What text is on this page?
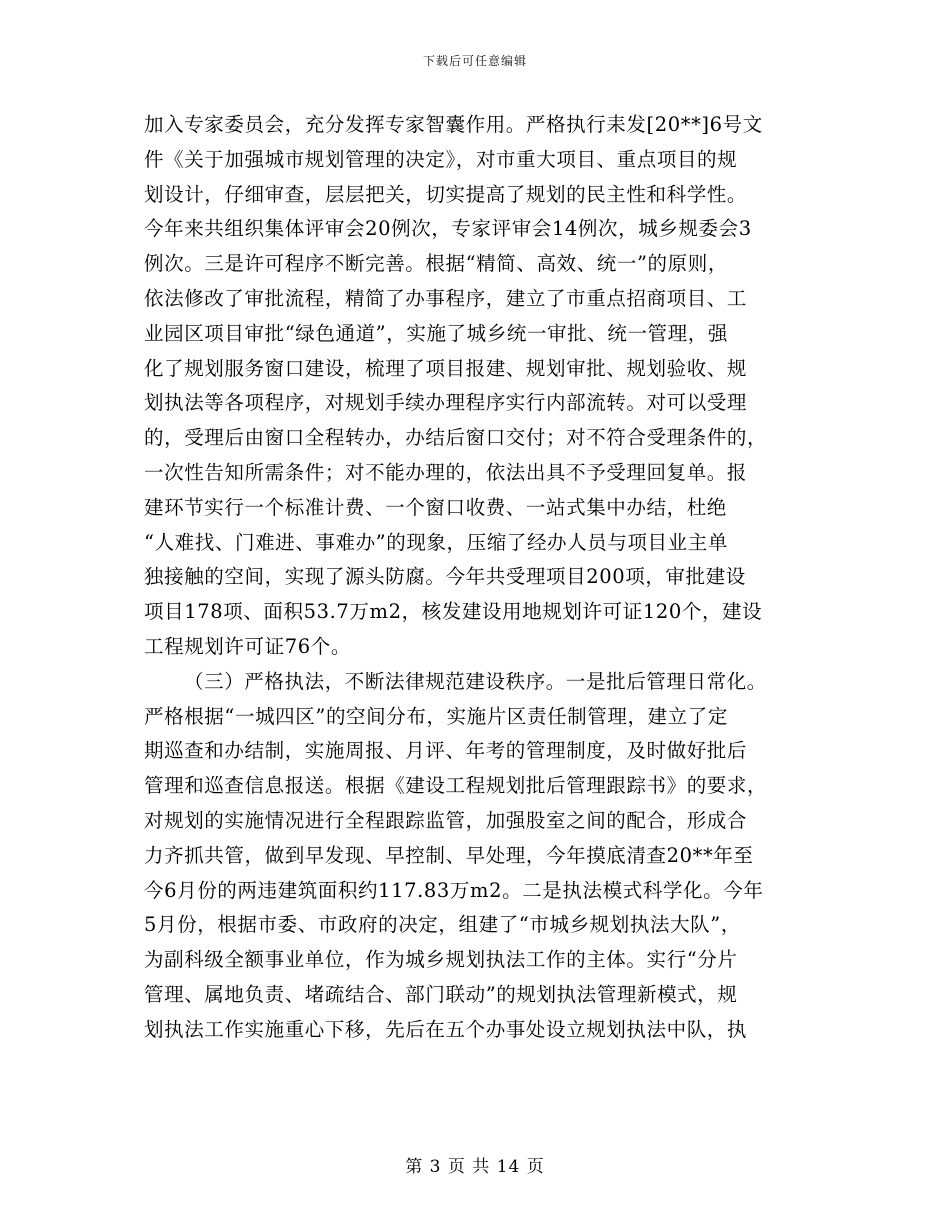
下载后可任意编辑
加入专家委员会，充分发挥专家智囊作用。严格执行耒发[20**]6号文
件《关于加强城市规划管理的决定》，对市重大项目、重点项目的规
划设计，仔细审查，层层把关，切实提高了规划的民主性和科学性。
今年来共组织集体评审会20例次，专家评审会14例次，城乡规委会3
例次。三是许可程序不断完善。根据“精简、高效、统一”的原则，
依法修改了审批流程，精简了办事程序，建立了市重点招商项目、工
业园区项目审批“绿色通道”，实施了城乡统一审批、统一管理，强
化了规划服务窗口建设，梳理了项目报建、规划审批、规划验收、规
划执法等各项程序，对规划手续办理程序实行内部流转。对可以受理
的，受理后由窗口全程转办，办结后窗口交付；对不符合受理条件的，
一次性告知所需条件；对不能办理的，依法出具不予受理回复单。报
建环节实行一个标准计费、一个窗口收费、一站式集中办结，杜绝
“人难找、门难进、事难办”的现象，压缩了经办人员与项目业主单
独接触的空间，实现了源头防腐。今年共受理项目200项，审批建设
项目178项、面积53.7万m2，核发建设用地规划许可证120个，建设
工程规划许可证76个。
（三）严格执法，不断法律规范建设秩序。一是批后管理日常化。
严格根据“一城四区”的空间分布，实施片区责任制管理，建立了定
期巡查和办结制，实施周报、月评、年考的管理制度，及时做好批后
管理和巡查信息报送。根据《建设工程规划批后管理跟踪书》的要求，
对规划的实施情况进行全程跟踪监管，加强股室之间的配合，形成合
力齐抓共管，做到早发现、早控制、早处理，今年摸底清查20**年至
今6月份的两违建筑面积约117.83万m2。二是执法模式科学化。今年
5月份，根据市委、市政府的决定，组建了“市城乡规划执法大队”，
为副科级全额事业单位，作为城乡规划执法工作的主体。实行“分片
管理、属地负责、堵疏结合、部门联动”的规划执法管理新模式，规
划执法工作实施重心下移，先后在五个办事处设立规划执法中队，执
第 3 页 共 14 页
